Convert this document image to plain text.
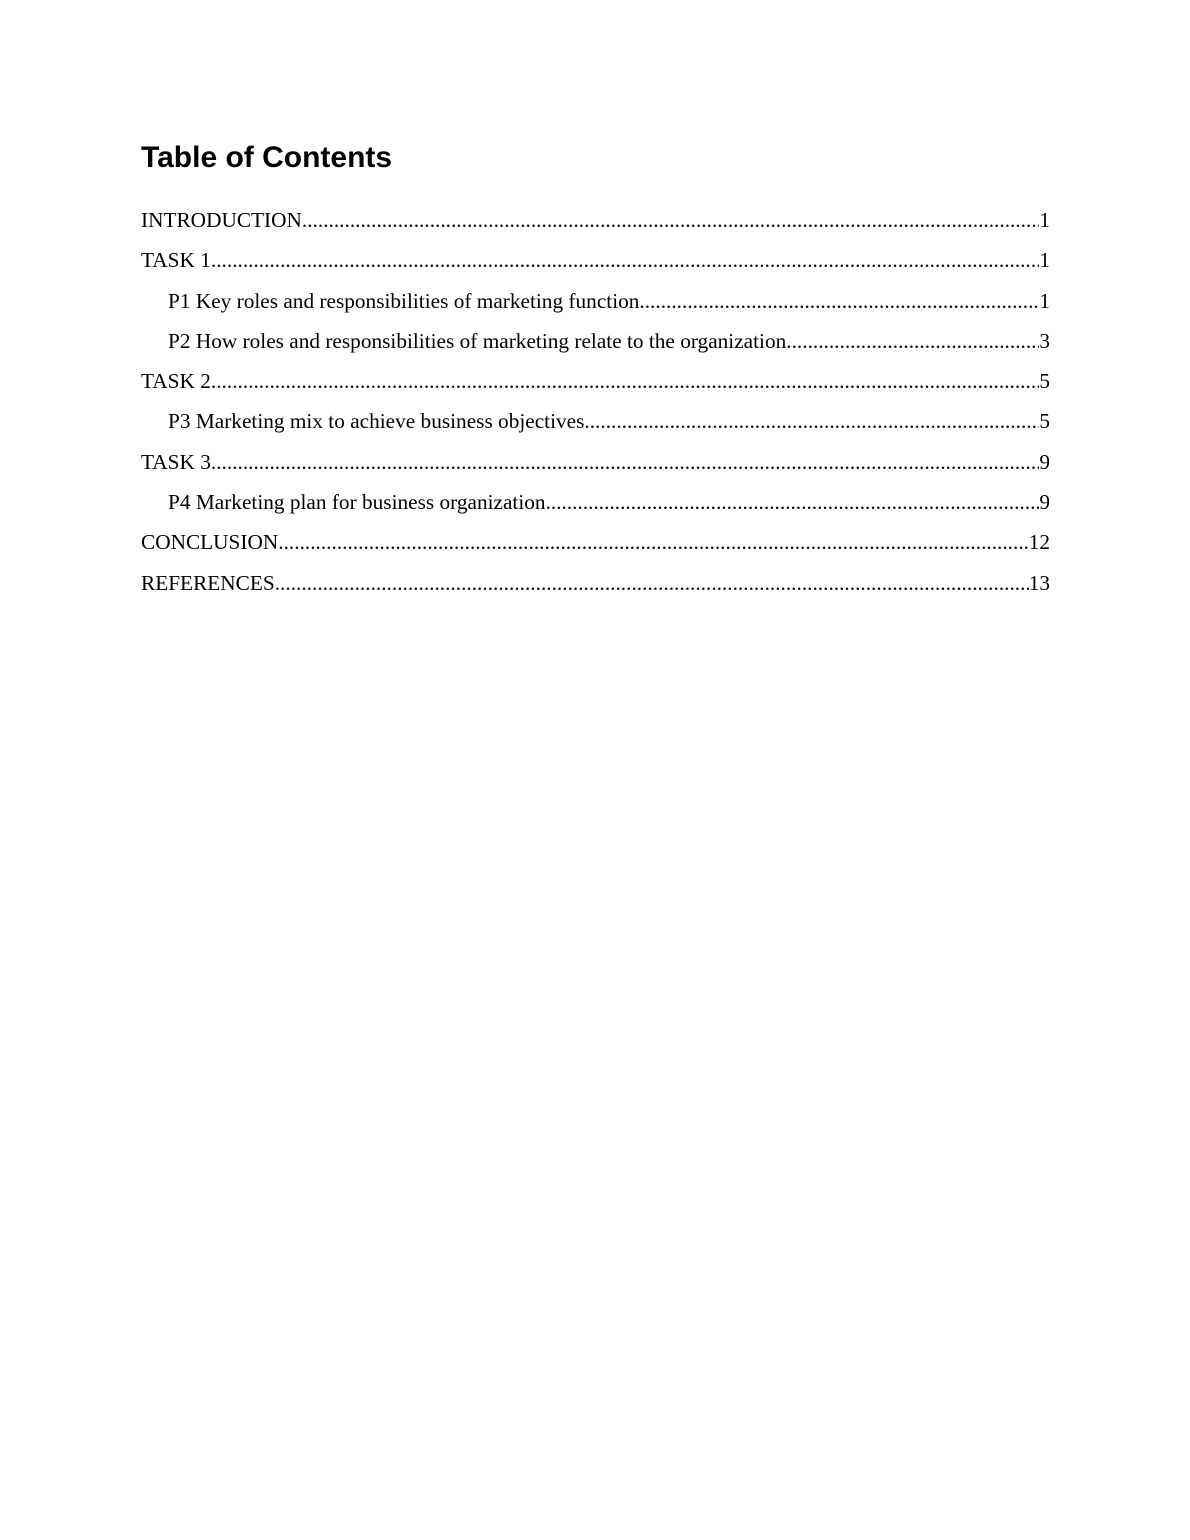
Table of Contents
INTRODUCTION .....	1
TASK 1 .....	1
P1 Key roles and responsibilities of marketing function .....	1
P2 How roles and responsibilities of marketing relate to the organization .....	3
TASK 2 .....	5
P3 Marketing mix to achieve business objectives .....	5
TASK 3 .....	9
P4 Marketing plan for business organization .....	9
CONCLUSION .....	12
REFERENCES .....	13
